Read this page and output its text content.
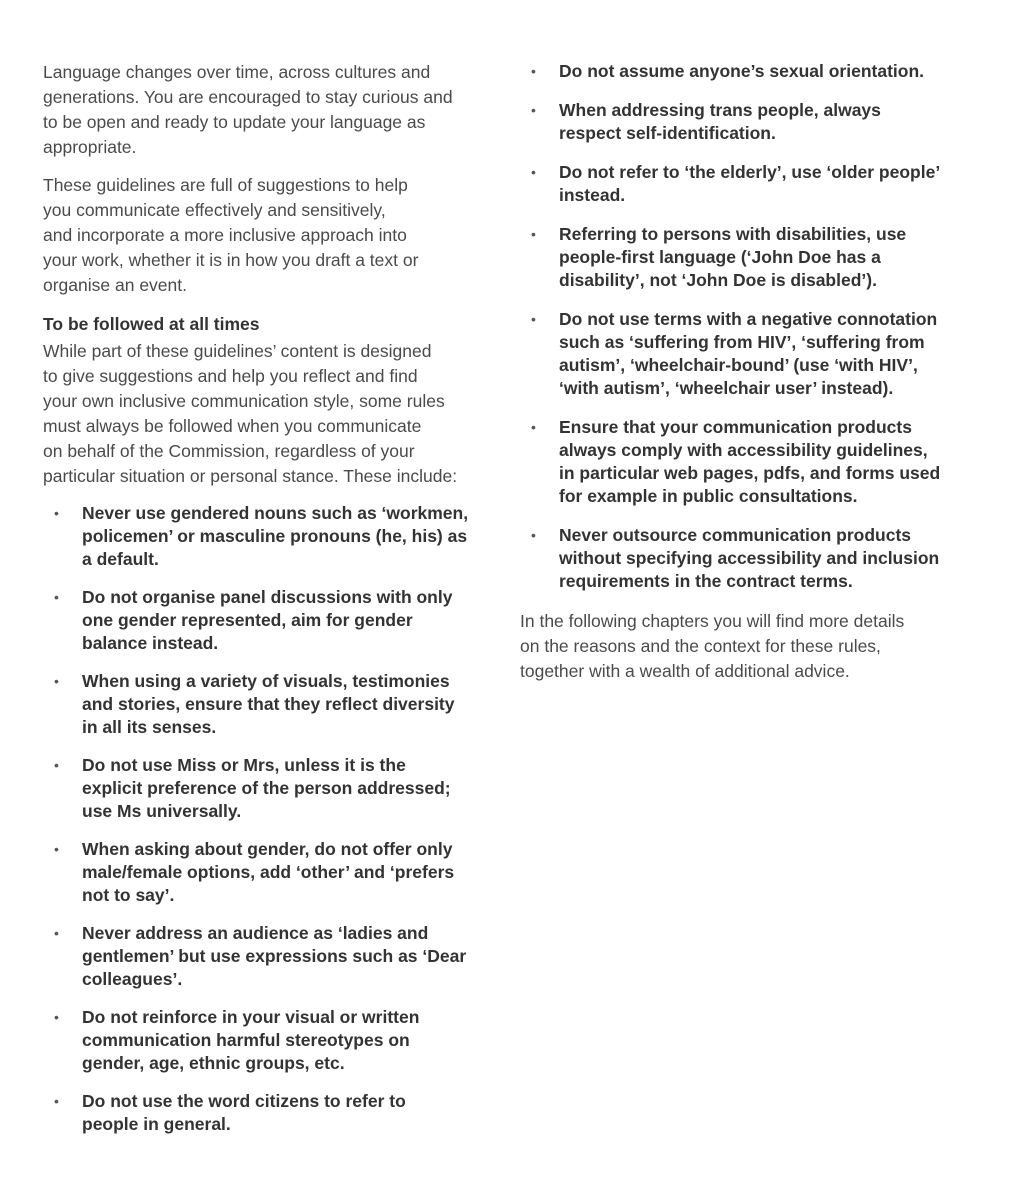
Language changes over time, across cultures and
generations. You are encouraged to stay curious and
to be open and ready to update your language as
appropriate.

These guidelines are full of suggestions to help
you communicate effectively and sensitively,
and incorporate a more inclusive approach into
your work, whether it is in how you draft a text or
organise an event.

To be followed at all times

While part of these guidelines’ content is designed
to give suggestions and help you reflect and find
your own inclusive communication style, some rules
must always be followed when you communicate
on behalf of the Commission, regardless of your
particular situation or personal stance. These include:

• Never use gendered nouns such as ‘workmen,
policemen’ or masculine pronouns (he, his) as
a default.
• Do not organise panel discussions with only
one gender represented, aim for gender
balance instead.
• When using a variety of visuals, testimonies
and stories, ensure that they reflect diversity
in all its senses.
• Do not use Miss or Mrs, unless it is the
explicit preference of the person addressed;
use Ms universally.
• When asking about gender, do not offer only
male/female options, add ‘other’ and ‘prefers
not to say’.
• Never address an audience as ‘ladies and
gentlemen’ but use expressions such as ‘Dear
colleagues’.
• Do not reinforce in your visual or written
communication harmful stereotypes on
gender, age, ethnic groups, etc.
• Do not use the word citizens to refer to
people in general.
• Do not assume anyone’s sexual orientation.
• When addressing trans people, always
respect self-identification.
• Do not refer to ‘the elderly’, use ‘older people’
instead.
• Referring to persons with disabilities, use
people-first language (‘John Doe has a
disability’, not ‘John Doe is disabled’).
• Do not use terms with a negative connotation
such as ‘suffering from HIV’, ‘suffering from
autism’, ‘wheelchair-bound’ (use ‘with HIV’,
‘with autism’, ‘wheelchair user’ instead).
• Ensure that your communication products
always comply with accessibility guidelines,
in particular web pages, pdfs, and forms used
for example in public consultations.
• Never outsource communication products
without specifying accessibility and inclusion
requirements in the contract terms.

In the following chapters you will find more details
on the reasons and the context for these rules,
together with a wealth of additional advice.
